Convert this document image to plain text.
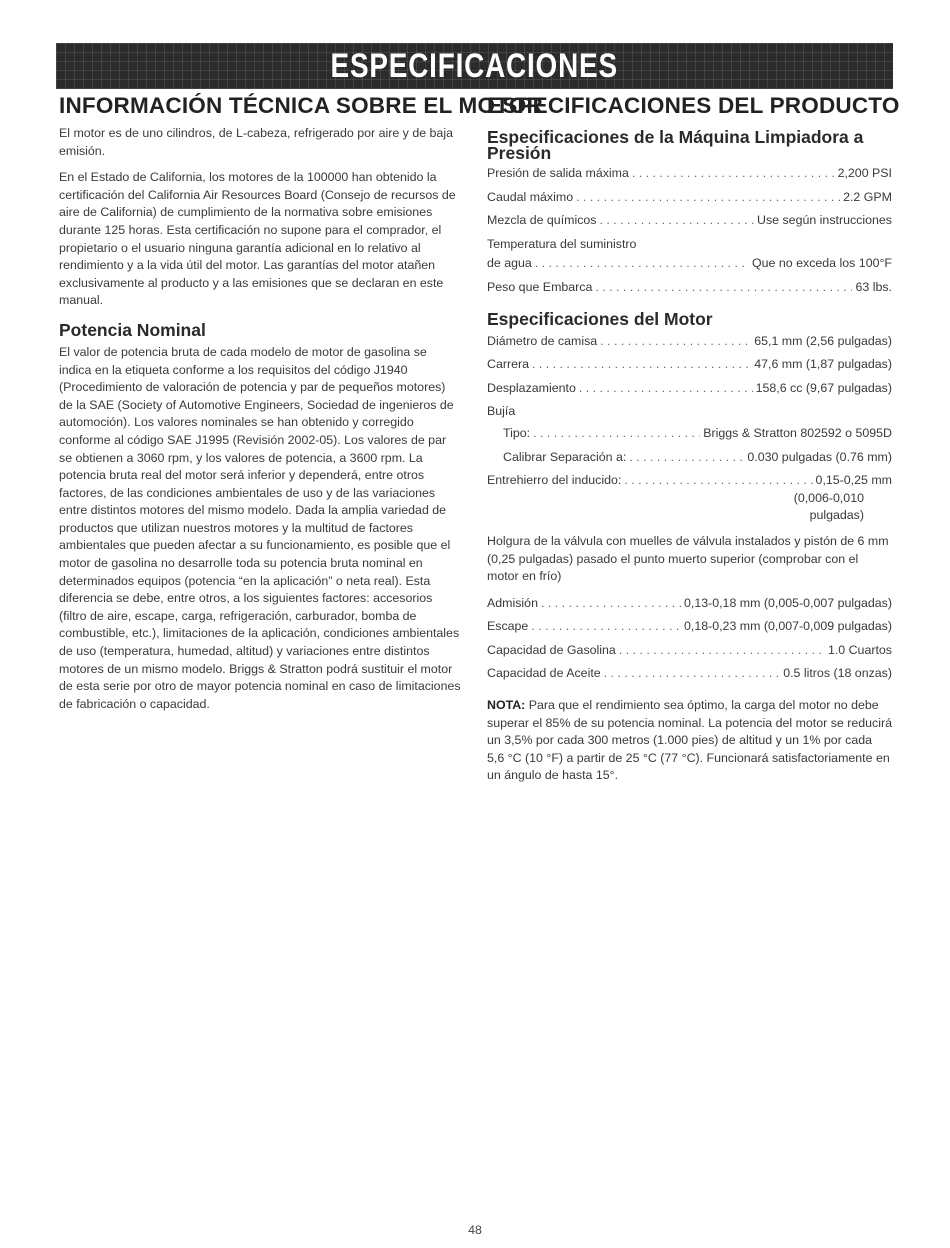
ESPECIFICACIONES
INFORMACIÓN TÉCNICA SOBRE EL MOTOR

El motor es de uno cilindros, de L-cabeza, refrigerado por aire y de baja emisión.

En el Estado de California, los motores de la 100000 han obtenido la certificación del California Air Resources Board (Consejo de recursos de aire de California) de cumplimiento de la normativa sobre emisiones durante 125 horas. Esta certificación no supone para el comprador, el propietario o el usuario ninguna garantía adicional en lo relativo al rendimiento y a la vida útil del motor. Las garantías del motor atañen exclusivamente al producto y a las emisiones que se declaran en este manual.

Potencia Nominal

El valor de potencia bruta de cada modelo de motor de gasolina se indica en la etiqueta conforme a los requisitos del código J1940 (Procedimiento de valoración de potencia y par de pequeños motores) de la SAE (Society of Automotive Engineers, Sociedad de ingenieros de automoción). Los valores nominales se han obtenido y corregido conforme al código SAE J1995 (Revisión 2002-05). Los valores de par se obtienen a 3060 rpm, y los valores de potencia, a 3600 rpm. La potencia bruta real del motor será inferior y dependerá, entre otros factores, de las condiciones ambientales de uso y de las variaciones entre distintos motores del mismo modelo. Dada la amplia variedad de productos que utilizan nuestros motores y la multitud de factores ambientales que pueden afectar a su funcionamiento, es posible que el motor de gasolina no desarrolle toda su potencia bruta nominal en determinados equipos (potencia “en la aplicación” o neta real). Esta diferencia se debe, entre otros, a los siguientes factores: accesorios (filtro de aire, escape, carga, refrigeración, carburador, bomba de combustible, etc.), limitaciones de la aplicación, condiciones ambientales de uso (temperatura, humedad, altitud) y variaciones entre distintos motores de un mismo modelo. Briggs & Stratton podrá sustituir el motor de esta serie por otro de mayor potencia nominal en caso de limitaciones de fabricación o capacidad.

ESPECIFICACIONES DEL PRODUCTO
Especificaciones de la Máquina Limpiadora a Presión
Presión de salida máxima . . .	2,200 PSI
Caudal máximo . . .	2.2 GPM
Mezcla de químicos . . .	Use según instrucciones
Temperatura del suministro
de agua . . .	Que no exceda los 100°F
Peso que Embarca . . .	63 lbs.
Especificaciones del Motor
Diámetro de camisa . . .	65,1 mm (2,56 pulgadas)
Carrera . . .	47,6 mm (1,87 pulgadas)
Desplazamiento . . .	158,6 cc (9,67 pulgadas)
Bujía
Tipo: . . .	Briggs & Stratton 802592 o 5095D
Calibrar Separación a: . . .	0.030 pulgadas (0.76 mm)
Entrehierro del inducido: . . .	0,15-0,25 mm
(0,006-0,010
pulgadas)

Holgura de la válvula con muelles de válvula instalados y pistón de 6 mm (0,25 pulgadas) pasado el punto muerto superior (comprobar con el motor en frío)

Admisión . . .	0,13-0,18 mm (0,005-0,007 pulgadas)
Escape . . .	0,18-0,23 mm (0,007-0,009 pulgadas)
Capacidad de Gasolina . . .	1.0 Cuartos
Capacidad de Aceite . . .	0.5 litros (18 onzas)

NOTA: Para que el rendimiento sea óptimo, la carga del motor no debe superar el 85% de su potencia nominal. La potencia del motor se reducirá un 3,5% por cada 300 metros (1.000 pies) de altitud y un 1% por cada 5,6 °C (10 °F) a partir de 25 °C (77 °C). Funcionará satisfactoriamente en un ángulo de hasta 15°.

48
